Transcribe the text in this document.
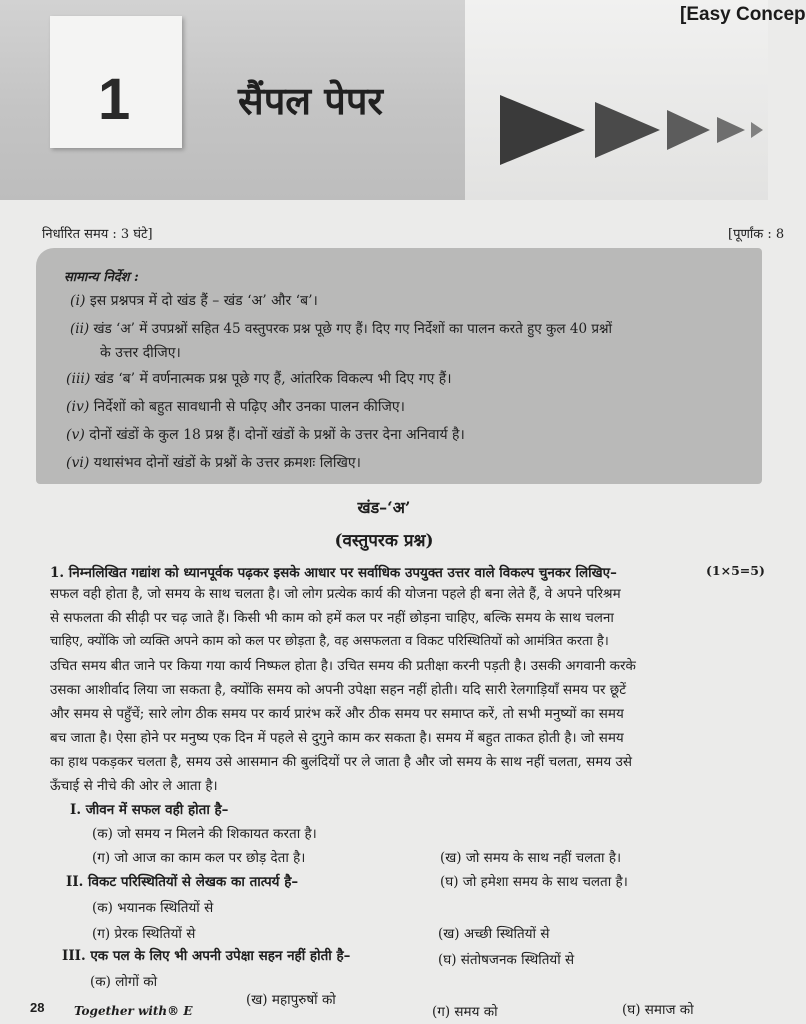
[Easy Concep
1	सैंपल पेपर
निर्धारित समय : 3 घंटे]	[पूर्णांक : 8
सामान्य निर्देश :
(i) इस प्रश्नपत्र में दो खंड हैं – खंड ‘अ’ और ‘ब’।
(ii) खंड ‘अ’ में उपप्रश्नों सहित 45 वस्तुपरक प्रश्न पूछे गए हैं। दिए गए निर्देशों का पालन करते हुए कुल 40 प्रश्नों
के उत्तर दीजिए।
(iii) खंड ‘ब’ में वर्णनात्मक प्रश्न पूछे गए हैं, आंतरिक विकल्प भी दिए गए हैं।
(iv) निर्देशों को बहुत सावधानी से पढ़िए और उनका पालन कीजिए।
(v) दोनों खंडों के कुल 18 प्रश्न हैं। दोनों खंडों के प्रश्नों के उत्तर देना अनिवार्य है।
(vi) यथासंभव दोनों खंडों के प्रश्नों के उत्तर क्रमशः लिखिए।
खंड–‘अ’
(वस्तुपरक प्रश्न)
1. निम्नलिखित गद्यांश को ध्यानपूर्वक पढ़कर इसके आधार पर सर्वाधिक उपयुक्त उत्तर वाले विकल्प चुनकर लिखिए–	(1×5=5)
सफल वही होता है, जो समय के साथ चलता है। जो लोग प्रत्येक कार्य की योजना पहले ही बना लेते हैं, वे अपने परिश्रम
से सफलता की सीढ़ी पर चढ़ जाते हैं। किसी भी काम को हमें कल पर नहीं छोड़ना चाहिए, बल्कि समय के साथ चलना
चाहिए, क्योंकि जो व्यक्ति अपने काम को कल पर छोड़ता है, वह असफलता व विकट परिस्थितियों को आमंत्रित करता है।
उचित समय बीत जाने पर किया गया कार्य निष्फल होता है। उचित समय की प्रतीक्षा करनी पड़ती है। उसकी अगवानी करके
उसका आशीर्वाद लिया जा सकता है, क्योंकि समय को अपनी उपेक्षा सहन नहीं होती। यदि सारी रेलगाड़ियाँ समय पर छूटें
और समय से पहुँचें; सारे लोग ठीक समय पर कार्य प्रारंभ करें और ठीक समय पर समाप्त करें, तो सभी मनुष्यों का समय
बच जाता है। ऐसा होने पर मनुष्य एक दिन में पहले से दुगुने काम कर सकता है। समय में बहुत ताकत होती है। जो समय
का हाथ पकड़कर चलता है, समय उसे आसमान की बुलंदियों पर ले जाता है और जो समय के साथ नहीं चलता, समय उसे
ऊँचाई से नीचे की ओर ले आता है।
I. जीवन में सफल वही होता है–
(क) जो समय न मिलने की शिकायत करता है।
(ख) जो समय के साथ नहीं चलता है।
(ग) जो आज का काम कल पर छोड़ देता है।
(घ) जो हमेशा समय के साथ चलता है।
II. विकट परिस्थितियों से लेखक का तात्पर्य है–
(क) भयानक स्थितियों से
(ख) अच्छी स्थितियों से
(ग) प्रेरक स्थितियों से
(घ) संतोषजनक स्थितियों से
III. एक पल के लिए भी अपनी उपेक्षा सहन नहीं होती है–
(क) लोगों को
(ख) महापुरुषों को
(ग) समय को	(घ) समाज को
28 Together with® E
